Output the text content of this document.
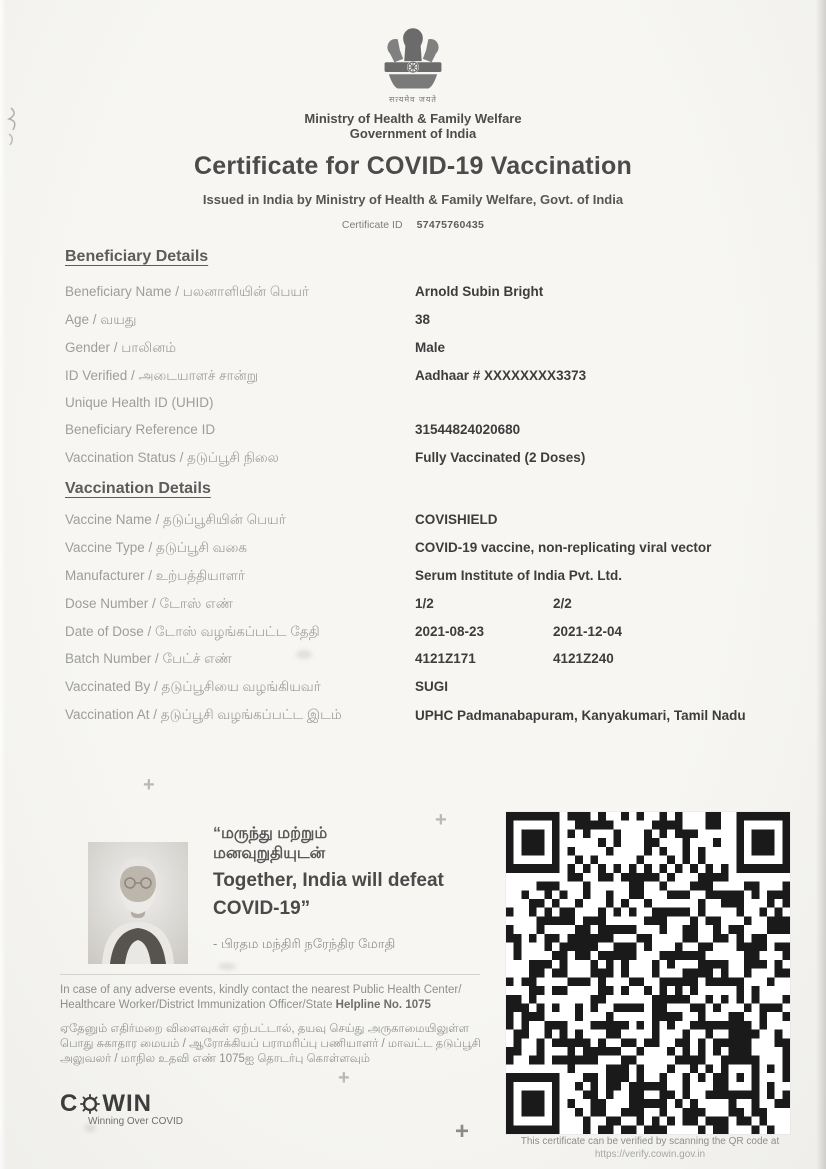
सत्यमेव जयते
Ministry of Health & Family Welfare
Government of India
Certificate for COVID-19 Vaccination
Issued in India by Ministry of Health & Family Welfare, Govt. of India
Certificate ID 57475760435
Beneficiary Details
Beneficiary Name / பலனாளியின் பெயர்	Arnold Subin Bright
Age / வயது	38
Gender / பாலினம்	Male
ID Verified / அடையாளச் சான்று	Aadhaar # XXXXXXXX3373
Unique Health ID (UHID)
Beneficiary Reference ID	31544824020680
Vaccination Status / தடுப்பூசி நிலை	Fully Vaccinated (2 Doses)
Vaccination Details
Vaccine Name / தடுப்பூசியின் பெயர்	COVISHIELD
Vaccine Type / தடுப்பூசி வகை	COVID-19 vaccine, non-replicating viral vector
Manufacturer / உற்பத்தியாளர்	Serum Institute of India Pvt. Ltd.
Dose Number / டோஸ் எண்	1/2	2/2
Date of Dose / டோஸ் வழங்கப்பட்ட தேதி	2021-08-23	2021-12-04
Batch Number / பேட்ச் எண்	4121Z171	4121Z240
Vaccinated By / தடுப்பூசியை வழங்கியவர்	SUGI
Vaccination At / தடுப்பூசி வழங்கப்பட்ட இடம்	UPHC Padmanabapuram, Kanyakumari, Tamil Nadu
+
+
+
+
“மருந்து மற்றும்
மனவுறுதியுடன்
Together, India will defeat
COVID-19”
- பிரதம மந்திரி நரேந்திர மோதி
In case of any adverse events, kindly contact the nearest Public Health Center/ Healthcare Worker/District Immunization Officer/State Helpline No. 1075
ஏதேனும் எதிர்மறை விளைவுகள் ஏற்பட்டால், தயவு செய்து அருகாமையிலுள்ள பொது சுகாதார மையம் / ஆரோக்கியப் பராமரிப்பு பணியாளர் / மாவட்ட தடுப்பூசி அலுவலர் / மாநில உதவி எண் 1075ஐ தொடர்பு கொள்ளவும்
C WIN
Winning Over COVID
This certificate can be verified by scanning the QR code at
https://verify.cowin.gov.in
